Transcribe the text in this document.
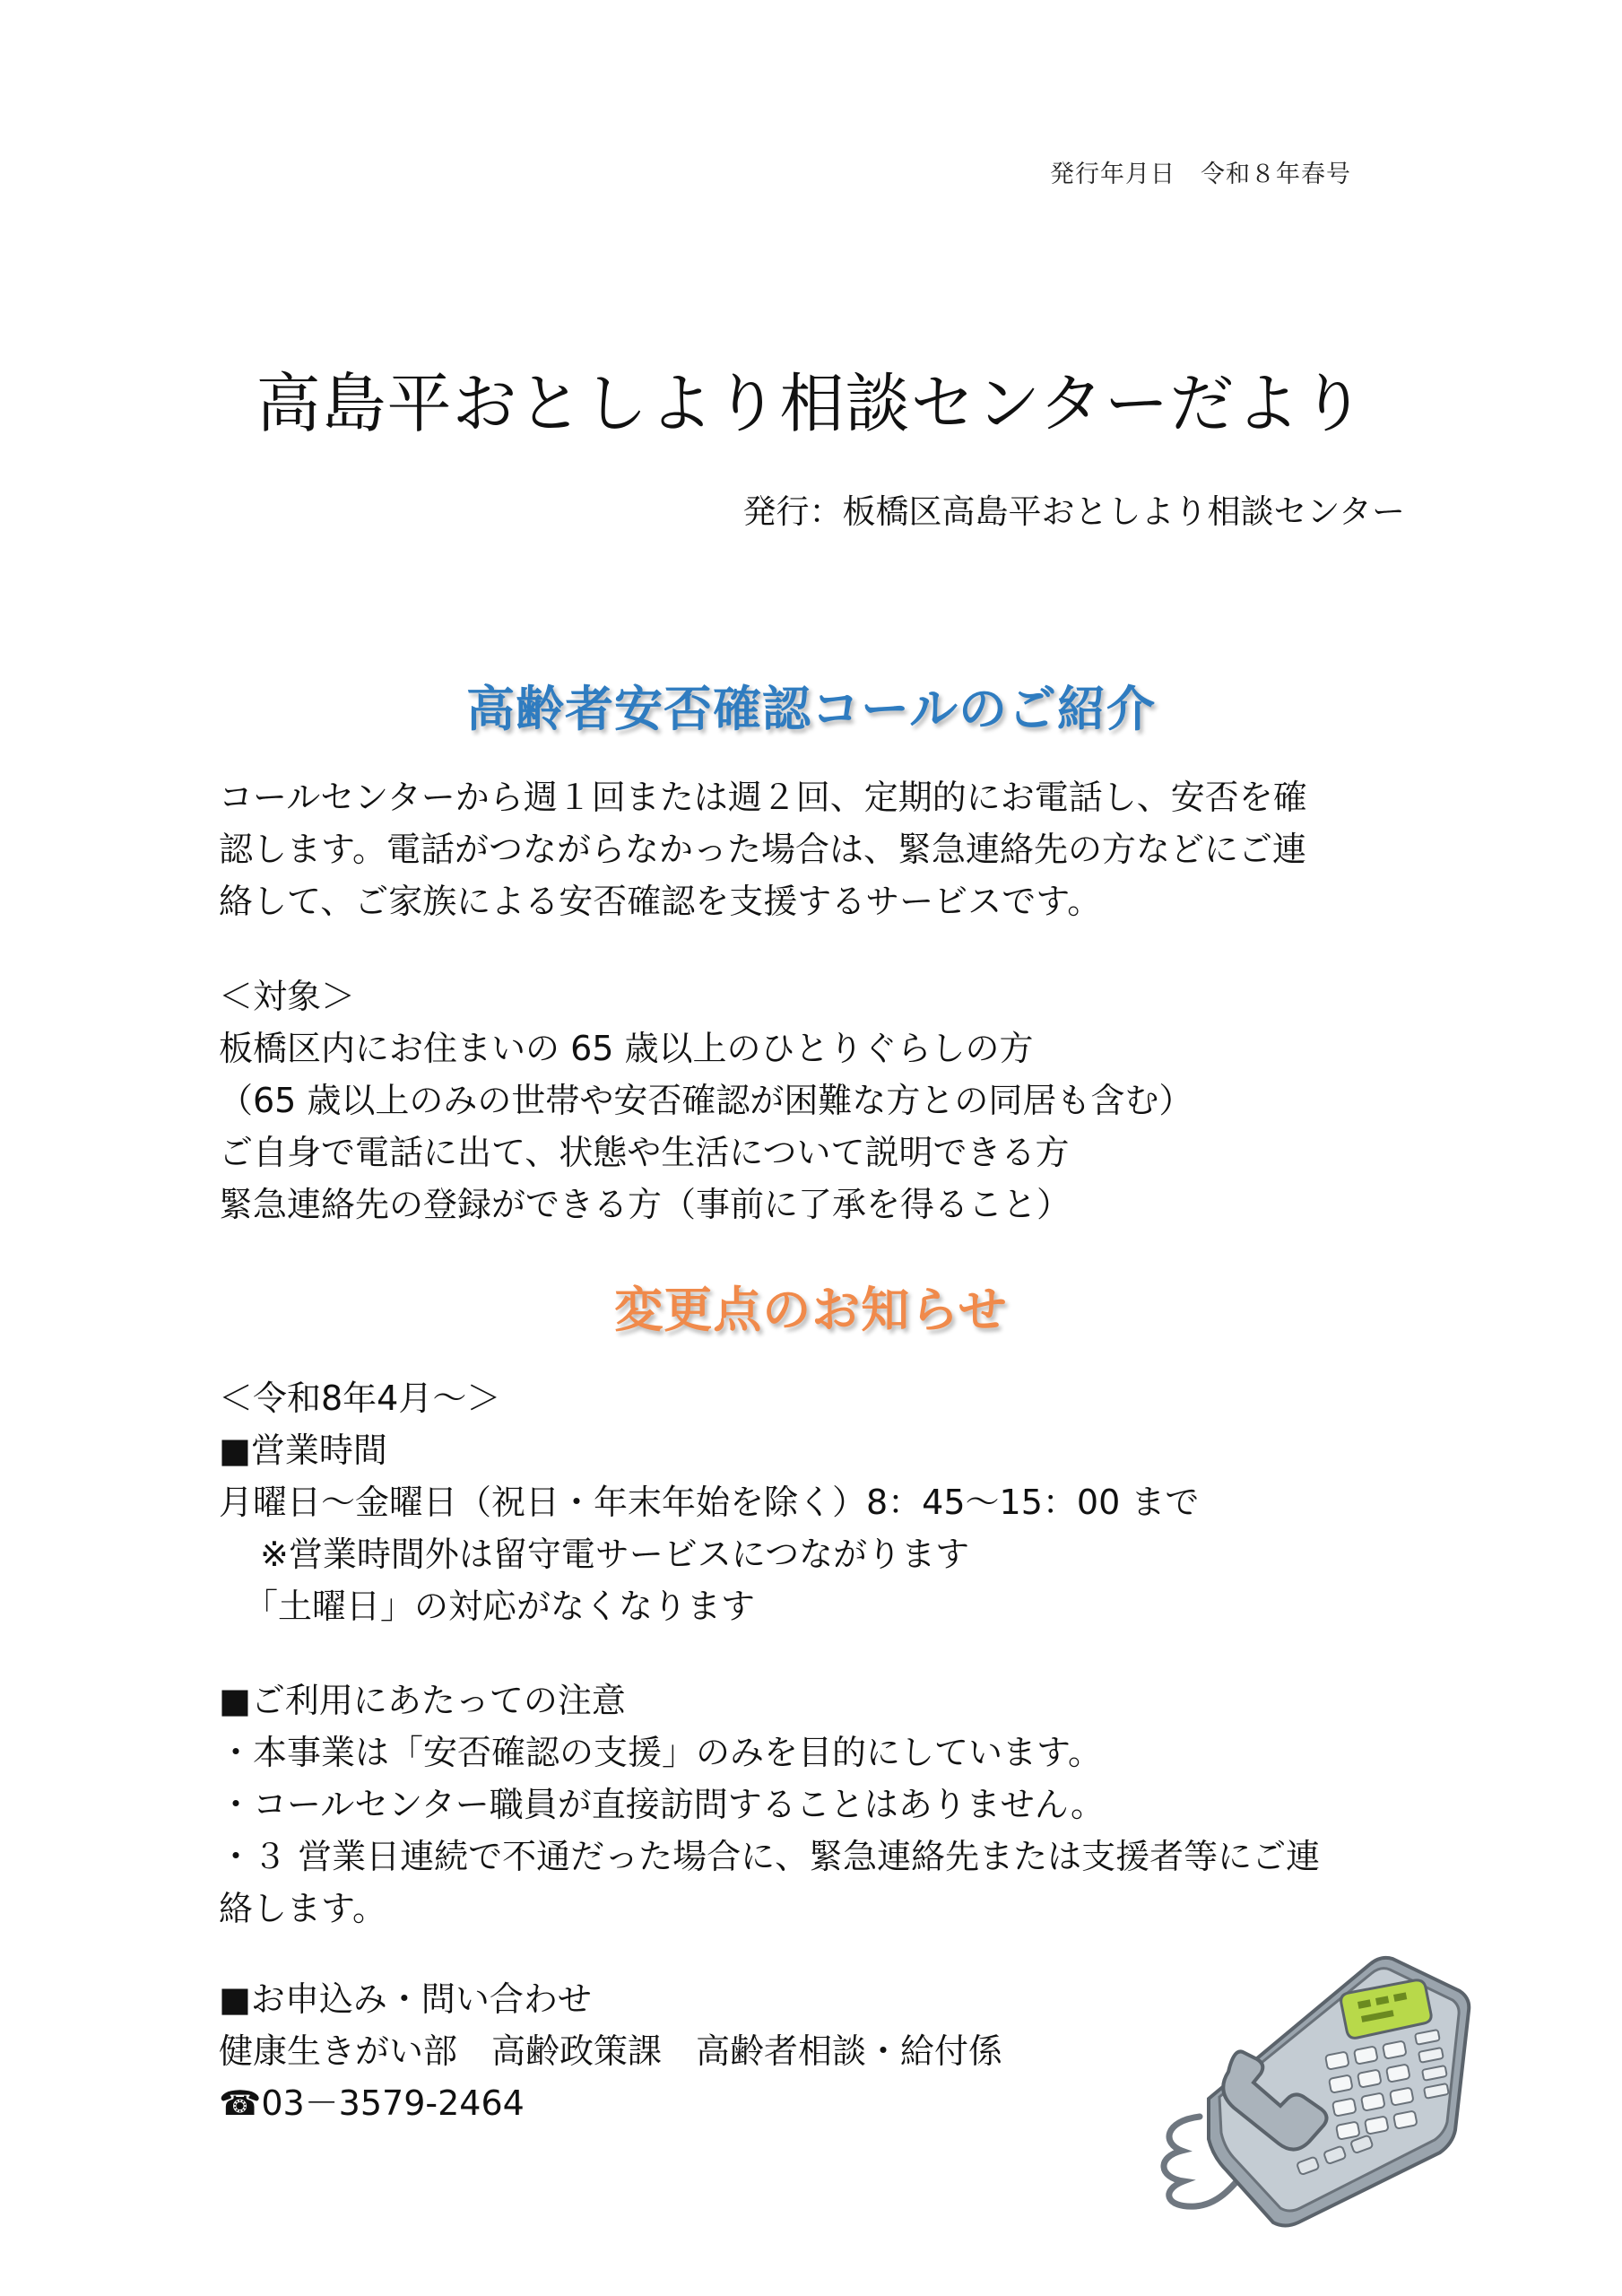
発行年月日　令和８年春号
高島平おとしより相談センターだより
発行：板橋区高島平おとしより相談センター
高齢者安否確認コールのご紹介
コールセンターから週１回または週２回、定期的にお電話し、安否を確
認します。電話がつながらなかった場合は、緊急連絡先の方などにご連
絡して、ご家族による安否確認を支援するサービスです。
＜対象＞
板橋区内にお住まいの 65 歳以上のひとりぐらしの方
（65 歳以上のみの世帯や安否確認が困難な方との同居も含む）
ご自身で電話に出て、状態や生活について説明できる方
緊急連絡先の登録ができる方（事前に了承を得ること）
変更点のお知らせ
＜令和8年4月～＞
■営業時間
月曜日～金曜日（祝日・年末年始を除く）8：45～15：00 まで
※営業時間外は留守電サービスにつながります
「土曜日」の対応がなくなります
■ご利用にあたっての注意
・本事業は「安否確認の支援」のみを目的にしています。
・コールセンター職員が直接訪問することはありません。
・３ 営業日連続で不通だった場合に、緊急連絡先または支援者等にご連
絡します。
■お申込み・問い合わせ
健康生きがい部　高齢政策課　高齢者相談・給付係
☎03－3579-2464
